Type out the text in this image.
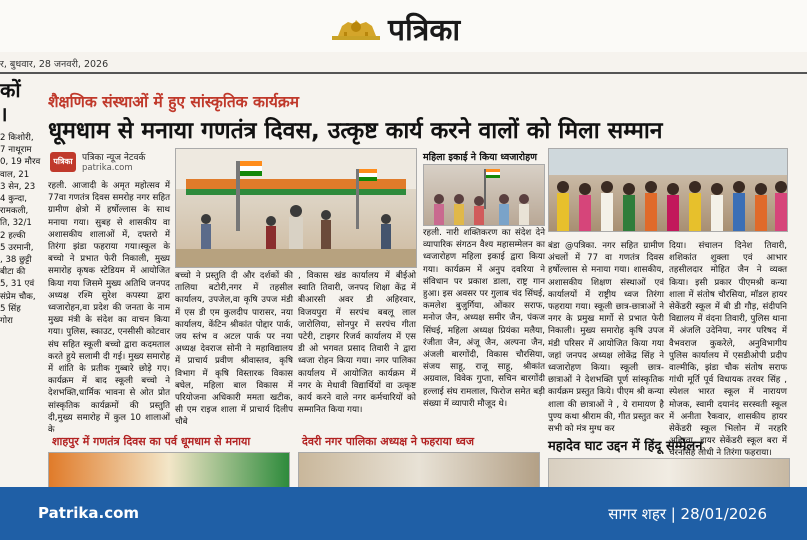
पत्रिका
र, बुधवार, 28 जनवरी, 2026
कों
।
2 किशोरी,
7 नाथूराम
0, 19 मौरव
वाल, 21
3 सेन, 23
4 कुन्दा,
रामकली,
ति, 32/1
2 हल्की
5 उरमानी,
, 38 छुट्टी
बीटा की
5, 31 एवं
संप्रेम चौक,
5 सिंह
गोरा
शैक्षणिक संस्थाओं में हुए सांस्कृतिक कार्यक्रम
धूमधाम से मनाया गणतंत्र दिवस, उत्कृष्ट कार्य करने वालों को मिला सम्मान
पत्रिका	पत्रिका न्यूज नेटवर्क
patrika.com
रहली. आजादी के अमृत महोत्सव में 77वा गणतंत्र दिवस समरोह नगर सहित ग्रामीण क्षेत्रो में हर्षोल्लास के साथ मनाया गया। सुबह से शासकीय वा अशासकीय शालाओं में, दफ्तरो में तिरंगा झंडा फहराया गया।स्कूल के बच्चो ने प्रभात फेरी निकाली, मुख्य समारोह कृषक स्टेडियम में आयोजित किया गया जिसमे मुख्य अतिथि जनपद अध्यक्ष रश्मि सुरेश कपस्या द्वारा ध्वजारोहन,वा प्रदेश की जनता के नाम मुख्य मंत्री के संदेश का वाचन किया गया। पुलिस, स्काउट, एनसीसी कोटवार संघ सहित स्कूली बच्चो द्वारा कदमताल करते हुये सलामी दी गई। मुख्य समारोह में शांति के प्रतीक गुब्बारे छोड़े गए। कार्यक्रम में बाद स्कूली बच्चो ने देशभक्ति,धार्मिक भावना से ओत प्रोत सांस्कृतिक कार्यक्रमों की प्रस्तुति दी,मुख्य समारोह में कुल 10 शालाओं के
बच्चो ने प्रस्तुति दी और दर्शकों की तालिया बटोरी,नगर में तहसील कार्यालय, उपजेल,वा कृषि उपज मंडी में एस डी एम कुलदीप पारासर, नया कार्यालय, केंटिन श्रीकांत पोद्दार पार्क, जय स्तंभ व अटल पार्क पर नया अध्यक्ष देवराज सोनी ने महाविद्यालय में प्राचार्य प्रवीण श्रीवास्तव, कृषि विभाग में कृषि विस्तारक विकास बघेल, महिला बाल विकास में परियोजना अधिकारी ममता खटीक, सी एम राइज शाला में प्राचार्य दिलीप चौबे
, विकास खंड कार्यालय में बीईओ स्वाति तिवारी, जनपद शिक्षा केंद्र में बीआरसी अवर डी अहिरवार, विजयपुरा में सरपंच बबलू लाल जारोलिया, सोनपुर में सरपंच गीता पटेरी, टाइगर रिजर्व कार्यालय में एस डी ओ भगवत प्रसाद तिवारी ने द्वारा ध्वजा रोहन किया गया। नगर पालिका कार्यालय में आयोजित कार्यक्रम में नगर के मेधावी विद्यार्थियों वा उत्कृष्ट कार्य करने वाले नगर कर्मचारियों को सम्मानित किया गया।
महिला इकाई ने किया ध्वजारोहण
रहली. नारी शक्तिकरण का संदेश देने व्यापारिक संगठन वैश्य महासम्मेलन का ध्वजारोहण महिला इकाई द्वारा किया गया। कार्यक्रम में अनुप दवरिया ने संविधान पर प्रकाश डाला, राष्ट्र गान हुआ। इस अवसर पर गुलाब चंद सिंघई, कमलेश बुजुर्गिया, ओंकार सराफ, मनोज जैन, अध्यक्ष समीर जैन, पंकज सिंघई, महिला अध्यक्ष प्रियंका मलैया, रंजीता जैन, अंजू जैन, अल्पना जैन, अंजली बारगोंदी, विकास चौरसिया, संजय साहू, राजू साहू, श्रीकांत अग्रवाल, विवेक गुप्ता, सचिन बारगोंदी हल्लाई संघ रामलाल, फिरोज समेत बड़ी संख्या में व्यापारी मौजूद थे।
बंडा @पत्रिका. नगर सहित ग्रामीण अंचलों में 77 वा गणतंत्र दिवस हर्षोल्लास से मनाया गया। शासकीय, अशासकीय शिक्षण संस्थाओं एवं कार्यालयों में राष्ट्रीय ध्वज तिरंगा फहराया गया। स्कूली छात्र-छात्राओं ने नगर के प्रमुख मार्गो से प्रभात फेरी निकाली। मुख्य समारोह कृषि उपज मंडी परिसर में आयोजित किया गया जहां जनपद अध्यक्ष लोकेंद्र सिंह ने ध्वजारोहण किया। स्कूली छात्र-छात्राओं ने देशभक्ति पूर्ण सांस्कृतिक कार्यक्रम प्रस्तुत किये। पीएम श्री कन्या शाला की छात्राओं ने , ये रामायण है पुण्य कथा श्रीराम की, गीत प्रस्तुत कर सभी को मंत्र मुग्ध कर
दिया। संचालन दिनेश तिवारी, शशिकांत शुक्ला एवं आभार तहसीलदार मोहित जैन ने व्यक्त किया। इसी प्रकार पीएमश्री कन्या शाला में संतोष चौरसिया, मॉडल हायर सेकेंडरी स्कूल में बी डी गौड़, संदीपनि विद्यालय में वंदना तिवारी, पुलिस थाना में अंजलि उदेनिया, नगर परिषद में वैभवराज कुकरेले, अनुविभागीय पुलिस कार्यालय में एसडीओपी प्रदीप वाल्मीकि, झंडा चौक संतोष सराफ गांधी मूर्ति पूर्व विधायक तरवर सिंह , स्पेशल भारत स्कूल में नारायण मोजक, स्वामी दयानंद सरस्वती स्कूल में अनीता रैकवार, शासकीय हायर सेकेंडरी स्कूल भिलोन में नरहरि अहिरवा, हायर सेकेंडरी स्कूल बरा में चरनसिंह लोधी ने तिरंगा फहराया।
शाहपुर में गणतंत्र दिवस का पर्व धूमधाम से मनाया	देवरी नगर पालिका अध्यक्ष ने फहराया ध्वज	महादेव घाट उद्दन में हिंदू सम्मेलन
Patrika.com	सागर शहर | 28/01/2026
